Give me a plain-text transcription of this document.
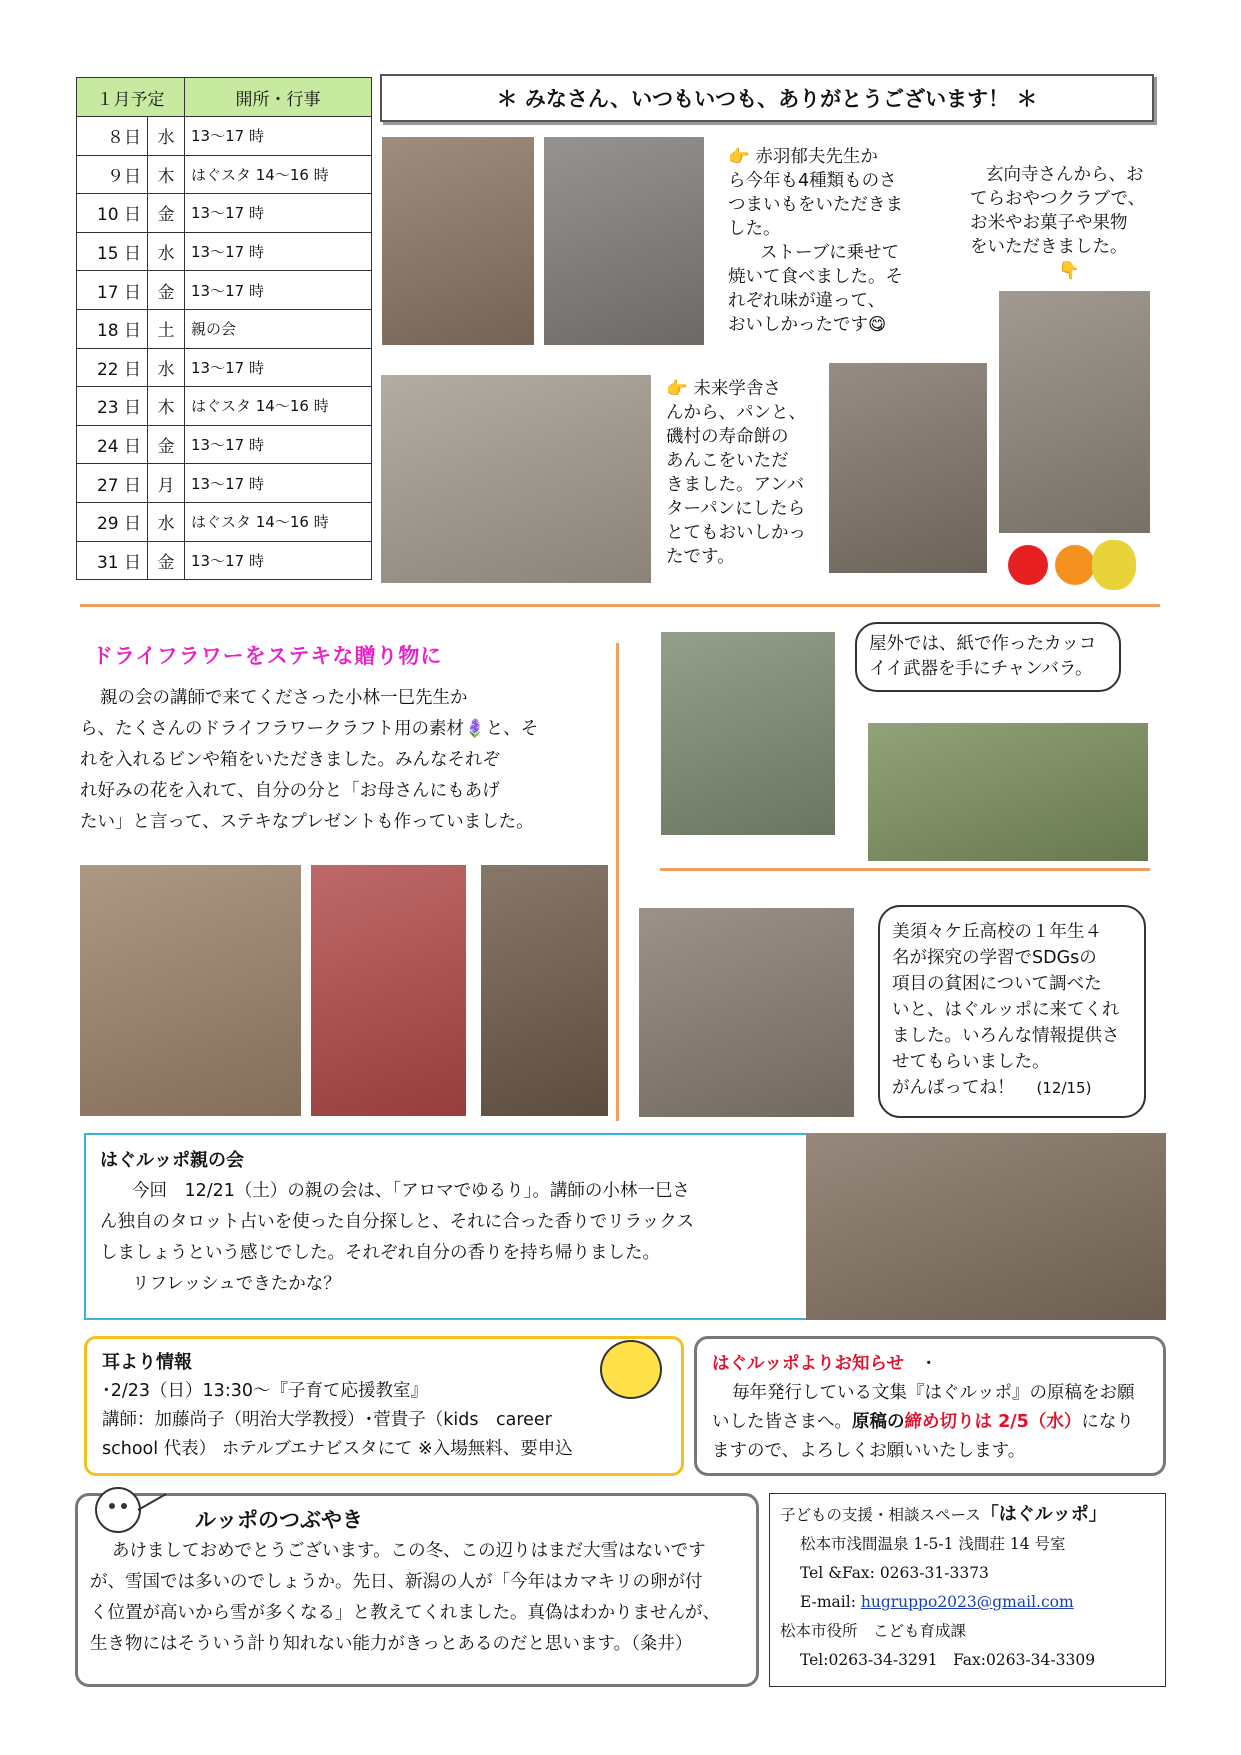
１月予定		開所・行事
８日	水	13～17 時
９日	木	はぐスタ 14～16 時
10 日	金	13～17 時
15 日	水	13～17 時
17 日	金	13～17 時
18 日	土	親の会
22 日	水	13～17 時
23 日	木	はぐスタ 14～16 時
24 日	金	13～17 時
27 日	月	13～17 時
29 日	水	はぐスタ 14～16 時
31 日	金	13～17 時
＊ みなさん、いつもいつも、ありがとうございます！ ＊
👉 赤羽郁夫先生か
ら今年も4種類ものさ
つまいもをいただきま
した。
ストーブに乗せて
焼いて食べました。そ
れぞれ味が違って、
おいしかったです😋
玄向寺さんから、お
てらおやつクラブで、
お米やお菓子や果物
をいただきました。
👇
👉 未来学舎さ
んから、パンと、
磯村の寿命餅の
あんこをいただ
きました。アンバ
ターパンにしたら
とてもおいしかっ
たです。
ドライフラワーをステキな贈り物に
親の会の講師で来てくださった小林一巳先生か
ら、たくさんのドライフラワークラフト用の素材🪻と、そ
れを入れるビンや箱をいただきました。みんなそれぞ
れ好みの花を入れて、自分の分と「お母さんにもあげ
たい」と言って、ステキなプレゼントも作っていました。
屋外では、紙で作ったカッコ
イイ武器を手にチャンバラ。
美須々ケ丘高校の１年生４
名が探究の学習でSDGsの
項目の貧困について調べた
いと、はぐルッポに来てくれ
ました。いろんな情報提供さ
せてもらいました。
がんばってね！ (12/15)
はぐルッポ親の会
今回　12/21（土）の親の会は、「アロマでゆるり」。講師の小林一巳さ
ん独自のタロット占いを使った自分探しと、それに合った香りでリラックス
しましょうという感じでした。それぞれ自分の香りを持ち帰りました。
リフレッシュできたかな？
耳より情報
･2/23（日）13:30～『子育て応援教室』
講師：加藤尚子（明治大学教授）･菅貴子（kids　career
school 代表） ホテルブエナビスタにて ※入場無料、要申込
はぐルッポよりお知らせ ・
毎年発行している文集『はぐルッポ』の原稿をお願
いした皆さまへ。原稿の締め切りは 2/5（水）になり
ますので、よろしくお願いいたします。
ルッポのつぶやき
あけましておめでとうございます。この冬、この辺りはまだ大雪はないです
が、雪国では多いのでしょうか。先日、新潟の人が「今年はカマキリの卵が付
く位置が高いから雪が多くなる」と教えてくれました。真偽はわかりませんが、
生き物にはそういう計り知れない能力がきっとあるのだと思います。（粂井）
子どもの支援・相談スペース「はぐルッポ」
松本市浅間温泉 1-5-1 浅間荘 14 号室
Tel &Fax: 0263-31-3373
E-mail: hugruppo2023@gmail.com
松本市役所　こども育成課
Tel:0263-34-3291　Fax:0263-34-3309
